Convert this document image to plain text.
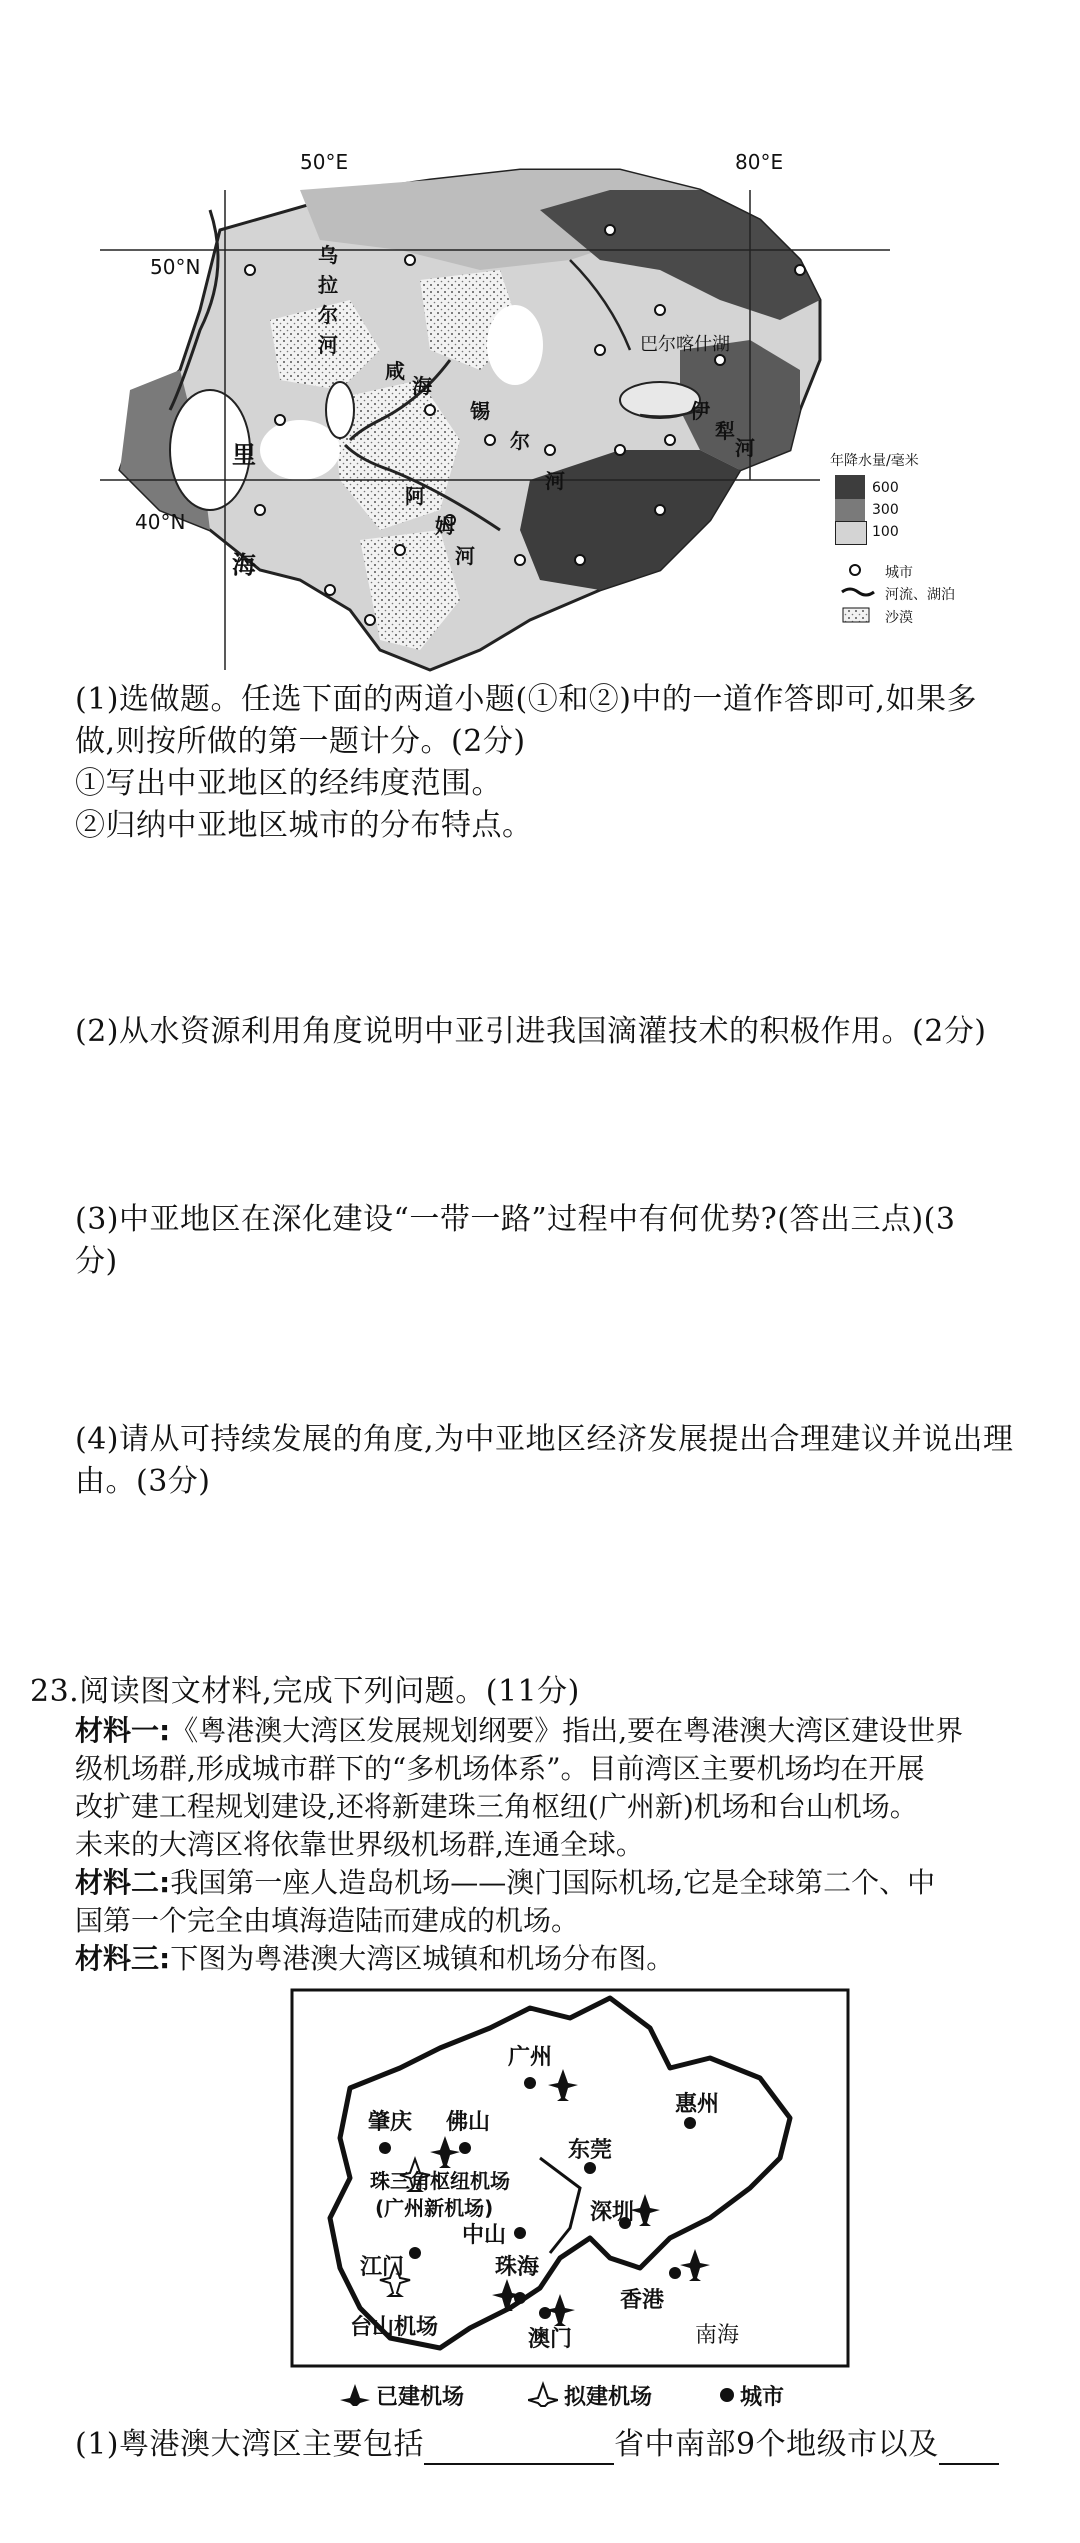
50°E	80°E
50°N
40°N
乌
拉
尔
河
里
海
咸
海
锡
尔
河
阿
姆
河
巴尔喀什湖
伊
犁
河
年降水量/毫米
600
300
100
城市
河流、湖泊
沙漠
(1)选做题。任选下面的两道小题(①和②)中的一道作答即可,如果多
做,则按所做的第一题计分。(2分)
①写出中亚地区的经纬度范围。
②归纳中亚地区城市的分布特点。
(2)从水资源利用角度说明中亚引进我国滴灌技术的积极作用。(2分)
(3)中亚地区在深化建设“一带一路”过程中有何优势?(答出三点)(3
分)
(4)请从可持续发展的角度,为中亚地区经济发展提出合理建议并说出理
由。(3分)
23.阅读图文材料,完成下列问题。(11分)
材料一:《粤港澳大湾区发展规划纲要》指出,要在粤港澳大湾区建设世界
级机场群,形成城市群下的“多机场体系”。目前湾区主要机场均在开展
改扩建工程规划建设,还将新建珠三角枢纽(广州新)机场和台山机场。
未来的大湾区将依靠世界级机场群,连通全球。
材料二:我国第一座人造岛机场——澳门国际机场,它是全球第二个、中
国第一个完全由填海造陆而建成的机场。
材料三:下图为粤港澳大湾区城镇和机场分布图。
广州
肇庆 佛山
东莞
惠州
珠三角枢纽机场
(广州新机场)
中山
深圳
江门	珠海
香港
台山机场	澳门	南海
已建机场	拟建机场	城市
(1)粤港澳大湾区主要包括	省中南部9个地级市以及
